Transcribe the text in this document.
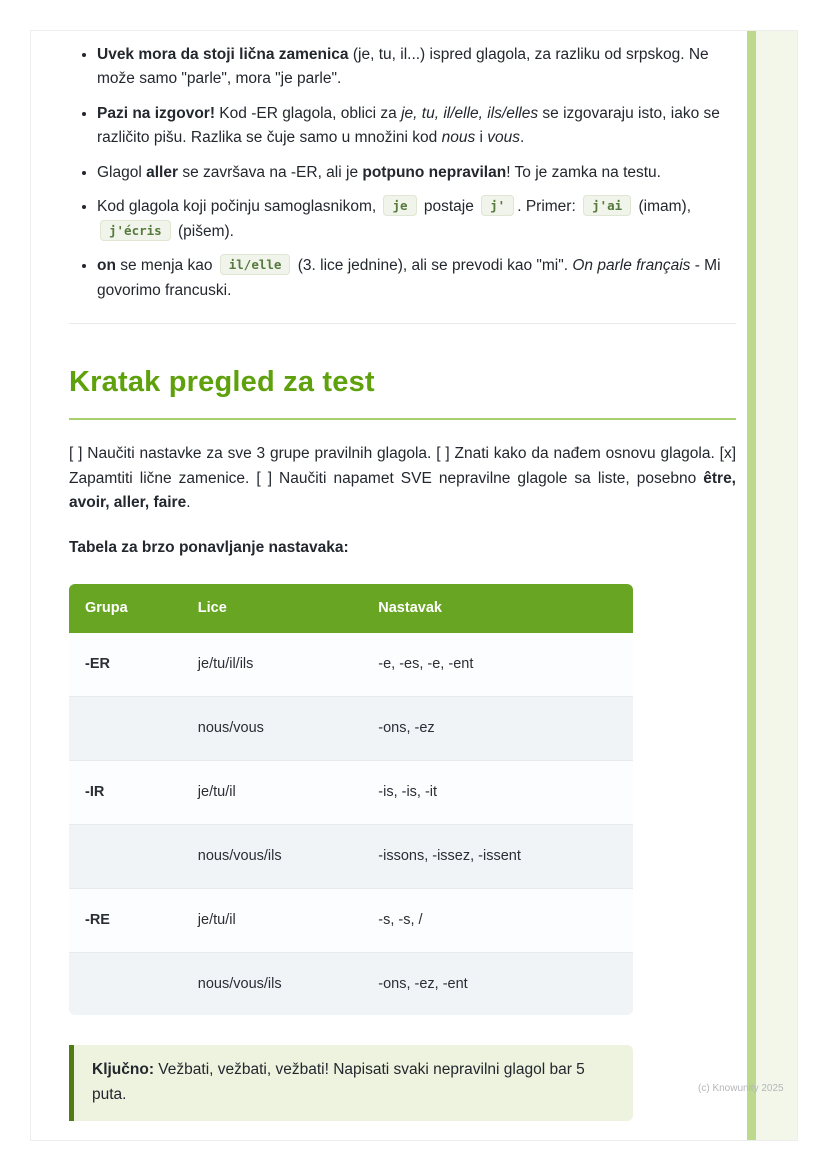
• Uvek mora da stoji lična zamenica (je, tu, il...) ispred glagola, za razliku od srpskog. Ne može samo "parle", mora "je parle".
• Pazi na izgovor! Kod -ER glagola, oblici za je, tu, il/elle, ils/elles se izgovaraju isto, iako se različito pišu. Razlika se čuje samo u množini kod nous i vous.
• Glagol aller se završava na -ER, ali je potpuno nepravilan! To je zamka na testu.
• Kod glagola koji počinju samoglasnikom, je postaje j' . Primer: j'ai (imam), j'écris (pišem).
• on se menja kao il/elle (3. lice jednine), ali se prevodi kao "mi". On parle français - Mi govorimo francuski.
Kratak pregled za test

[ ] Naučiti nastavke za sve 3 grupe pravilnih glagola. [ ] Znati kako da nađem osnovu glagola. [x] Zapamtiti lične zamenice. [ ] Naučiti napamet SVE nepravilne glagole sa liste, posebno être, avoir, aller, faire.

Tabela za brzo ponavljanje nastavaka:

Grupa	Lice	Nastavak
-ER	je/tu/il/ils	-e, -es, -e, -ent
	nous/vous	-ons, -ez
-IR	je/tu/il	-is, -is, -it
	nous/vous/ils	-issons, -issez, -issent
-RE	je/tu/il	-s, -s, /
	nous/vous/ils	-ons, -ez, -ent

Ključno: Vežbati, vežbati, vežbati! Napisati svaki nepravilni glagol bar 5 puta.	(c) Knowunity 2025
